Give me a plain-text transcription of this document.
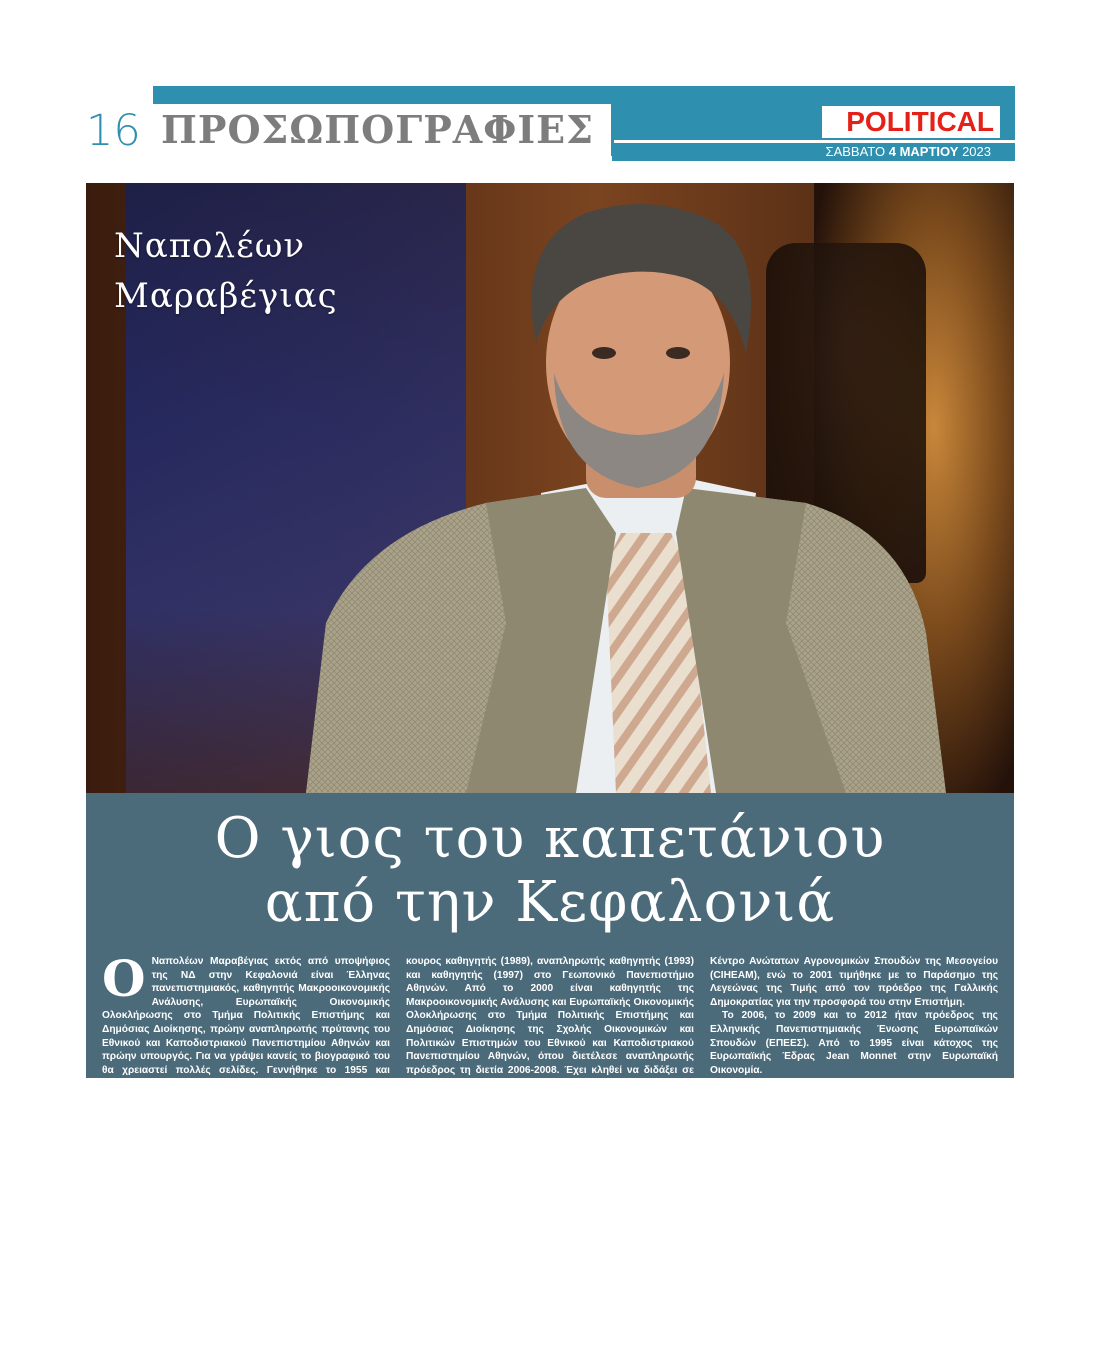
16 ΠΡΟΣΩΠΟΓΡΑΦΙΕΣ	POLITICAL
ΣΑΒΒΑΤΟ 4 ΜΑΡΤΙΟΥ 2023
Ναπολέων
Μαραβέγιας
Ο γιος του καπετάνιου
από την Κεφαλονιά
Ο Ναπολέων Μαραβέγιας εκτός από υποψήφιος της ΝΔ στην Κεφαλονιά είναι Έλληνας πανεπιστημιακός, καθηγητής Μακροοικονομικής Ανάλυσης, Ευρωπαϊκής Οικονομικής Ολοκλήρωσης στο Τμήμα Πολιτικής Επιστήμης και Δημόσιας Διοίκησης, πρώην αναπληρωτής πρύτανης του Εθνικού και Καποδιστριακού Πανεπιστημίου Αθηνών και πρώην υπουργός. Για να γράψει κανείς το βιογραφικό του θα χρειαστεί πολλές σελίδες. Γεννήθηκε το 1955 και κατάγεται από την Κεφαλονιά και τη Θεσπρωτία. Πήρε πτυχίο από το Τμήμα Οικονομικών Επιστημών του Πανεπιστημίου Αθηνών και συνέχισε τις σπουδές του στη Γαλλία, στο Πανεπιστήμιο της Γκρενόμπλ, από όπου απέκτησε DEA και Doctorat d'État (1983) με άριστα. Υπήρξε υπότροφος της Αγροτικής Τράπεζας και του Ιδρύματος ΑΣ Ωνάσης.

Εργάστηκε ως ερευνητής στο Ίδρυμα Μεσογειακών Μελετών (1985-1989) και στη συνέχεια εξελέγη επί-

κουρος καθηγητής (1989), αναπληρωτής καθηγητής (1993) και καθηγητής (1997) στο Γεωπονικό Πανεπιστήμιο Αθηνών. Από το 2000 είναι καθηγητής της Μακροοικονομικής Ανάλυσης και Ευρωπαϊκής Οικονομικής Ολοκλήρωσης στο Τμήμα Πολιτικής Επιστήμης και Δημόσιας Διοίκησης της Σχολής Οικονομικών και Πολιτικών Επιστημών του Εθνικού και Καποδιστριακού Πανεπιστημίου Αθηνών, όπου διετέλεσε αναπληρωτής πρόεδρος τη διετία 2006-2008. Έχει κληθεί να διδάξει σε πολλά πανεπιστήμια της Ευρώπης, όπως της Γκρενόμπλ, της Οξφόρδης, του Παρισιού, του Μονπελιέ, της Βαλένθια και της Βουδαπέστης σε προπτυχιακό και μεταπτυχιακό επίπεδο.

Από το 2015 ως το 2019 ήταν αναπληρωτής πρύτανης του Εθνικού και Καποδιστριακού Πανεπιστημίου Αθηνών. Από το 1999 ως το 2004 διετέλεσε πρόεδρος του Εθνικού Ιδρύματος Αγροτικής Έρευνας (ΕΘΙΑΓΕ) και το 2003-2004 εκπρόσωπος της Ελλάδας στο Διεθνές

Κέντρο Ανώτατων Αγρονομικών Σπουδών της Μεσογείου (CIHEAM), ενώ το 2001 τιμήθηκε με το Παράσημο της Λεγεώνας της Τιμής από τον πρόεδρο της Γαλλικής Δημοκρατίας για την προσφορά του στην Επιστήμη.

Το 2006, το 2009 και το 2012 ήταν πρόεδρος της Ελληνικής Πανεπιστημιακής Ένωσης Ευρωπαϊκών Σπουδών (ΕΠΕΕΣ). Από το 1995 είναι κάτοχος της Ευρωπαϊκής Έδρας Jean Monnet στην Ευρωπαϊκή Οικονομία.

Διετέλεσε επίσης υπουργός Αγροτικής Ανάπτυξης στην Υπηρεσιακή Κυβέρνηση που συγκροτήθηκε το 2012 από μη πολιτικά πρόσωπα κοινής αποδοχής. Το συγγραφικό του έργο συγκροτείται από μονογραφίες, μελέτες, σχεδιάσεις και εκθέσεις ερευνητικών προγραμμάτων. Έχει δημοσιεύσει πολλά άρθρα σε ελληνικά και διεθνή επιστημονικά περιοδικά. Επίσης έχει επιμεληθεί συλλογικά συγγράμματα.
